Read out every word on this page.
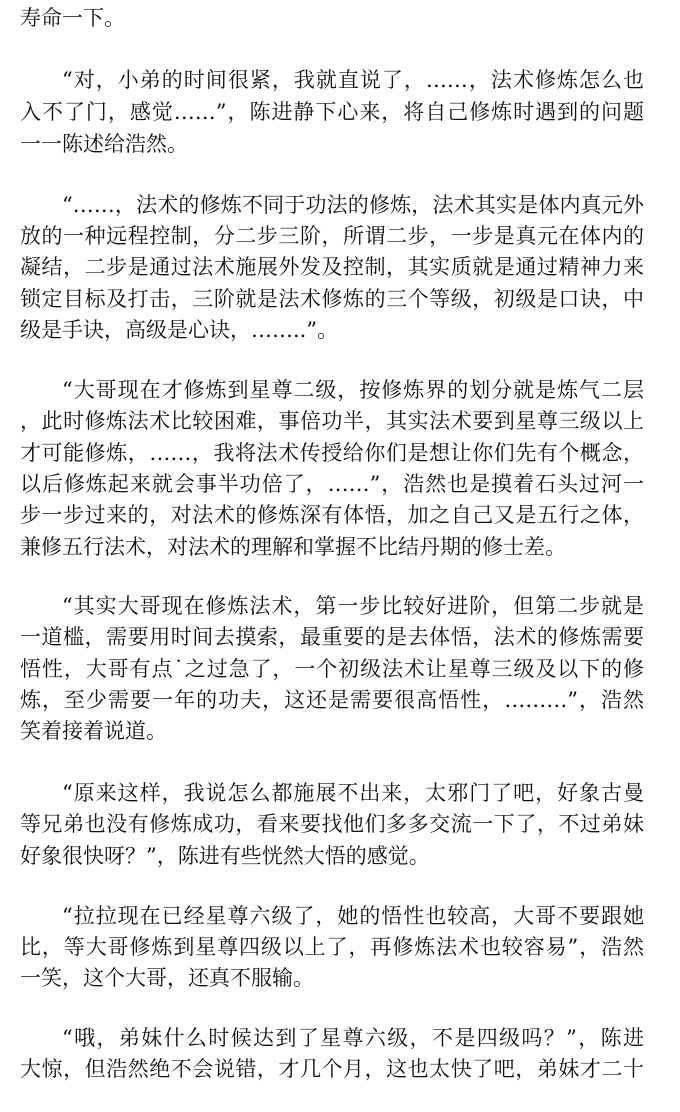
寿命一下。
“对，小弟的时间很紧，我就直说了，……，法术修炼怎么也
入不了门，感觉……”，陈进静下心来，将自己修炼时遇到的问题
一一陈述给浩然。
“……，法术的修炼不同于功法的修炼，法术其实是体内真元外
放的一种远程控制，分二步三阶，所谓二步，一步是真元在体内的
凝结，二步是通过法术施展外发及控制，其实质就是通过精神力来
锁定目标及打击，三阶就是法术修炼的三个等级，初级是口诀，中
级是手诀，高级是心诀，……..”。
“大哥现在才修炼到星尊二级，按修炼界的划分就是炼气二层
，此时修炼法术比较困难，事倍功半，其实法术要到星尊三级以上
才可能修炼，……，我将法术传授给你们是想让你们先有个概念，
以后修炼起来就会事半功倍了，……”，浩然也是摸着石头过河一
步一步过来的，对法术的修炼深有体悟，加之自己又是五行之体，
兼修五行法术，对法术的理解和掌握不比结丹期的修士差。
“其实大哥现在修炼法术，第一步比较好进阶，但第二步就是
一道槛，需要用时间去摸索，最重要的是去体悟，法术的修炼需要
悟性，大哥有点˙之过急了，一个初级法术让星尊三级及以下的修
炼，至少需要一年的功夫，这还是需要很高悟性，………”，浩然
笑着接着说道。
“原来这样，我说怎么都施展不出来，太邪门了吧，好象古曼
等兄弟也没有修炼成功，看来要找他们多多交流一下了，不过弟妹
好象很快呀？”，陈进有些恍然大悟的感觉。
“拉拉现在已经星尊六级了，她的悟性也较高，大哥不要跟她
比，等大哥修炼到星尊四级以上了，再修炼法术也较容易”，浩然
一笑，这个大哥，还真不服输。
“哦，弟妹什么时候达到了星尊六级，不是四级吗？”，陈进
大惊，但浩然绝不会说错，才几个月，这也太快了吧，弟妹才二十
